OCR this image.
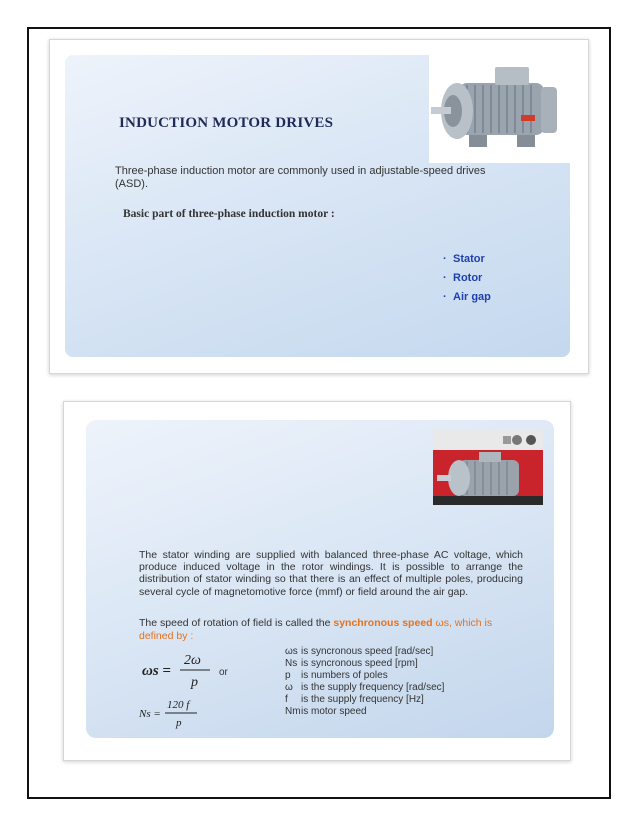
INDUCTION MOTOR DRIVES
Three-phase induction motor are commonly used in adjustable-speed drives (ASD).
Basic part of three-phase induction motor :
· Stator
· Rotor
· Air gap

The stator winding are supplied with balanced three-phase AC voltage, which produce induced voltage in the rotor windings. It is possible to arrange the distribution of stator winding so that there is an effect of multiple poles, producing several cycle of magnetomotive force (mmf) or field around the air gap.

The speed of rotation of field is called the synchronous speed ωs, which is defined by :

ωs =
2ω
p
or
Ns =
120 f
p
ωs is syncronous speed [rad/sec]
Ns is syncronous speed [rpm]
p is numbers of poles
ω is the supply frequency [rad/sec]
f is the supply frequency [Hz]
Nmis motor speed
